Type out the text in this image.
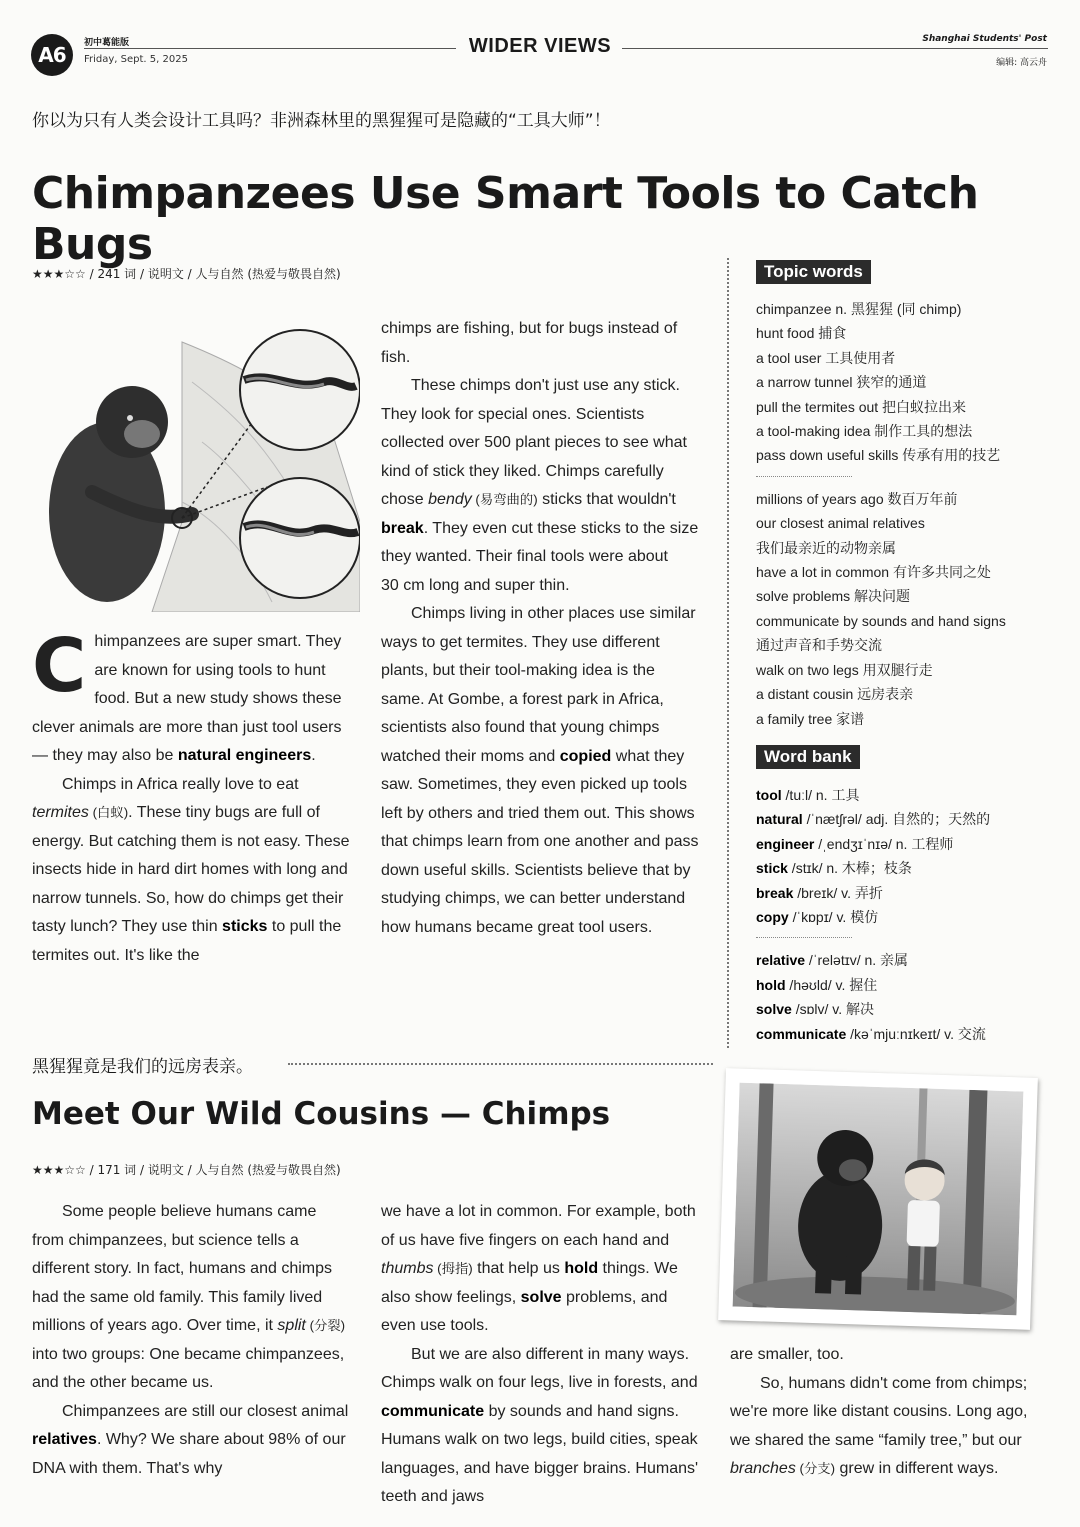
A6	初中葛能版
Friday, Sept. 5, 2025
WIDER VIEWS	Shanghai Students' Post
编辑: 高云舟
你以为只有人类会设计工具吗？非洲森林里的黑猩猩可是隐藏的“工具大师”！
Chimpanzees Use Smart Tools to Catch Bugs
★★★☆☆ / 241 词 / 说明文 / 人与自然 (热爱与敬畏自然)
C himpanzees are super smart. They are known for using tools to hunt food. But a new study shows these clever animals are more than just tool users — they may also be natural engineers.

Chimps in Africa really love to eat termites (白蚁). These tiny bugs are full of energy. But catching them is not easy. These insects hide in hard dirt homes with long and narrow tunnels. So, how do chimps get their tasty lunch? They use thin sticks to pull the termites out. It's like the

chimps are fishing, but for bugs instead of fish.

These chimps don't just use any stick. They look for special ones. Scientists collected over 500 plant pieces to see what kind of stick they liked. Chimps carefully chose bendy (易弯曲的) sticks that wouldn't break. They even cut these sticks to the size they wanted. Their final tools were about

30 cm long and super thin.

Chimps living in other places use similar ways to get termites. They use different plants, but their tool-making idea is the same. At Gombe, a forest park in Africa, scientists also found that young chimps watched their moms and copied what they saw. Sometimes, they even picked up tools left by others and tried them out. This shows that chimps learn from one another and pass down useful skills. Scientists believe that by studying chimps, we can better understand how humans became great tool users.

Topic words
chimpanzee n. 黑猩猩 (同 chimp)
hunt food 捕食
a tool user 工具使用者
a narrow tunnel 狭窄的通道
pull the termites out 把白蚁拉出来
a tool-making idea 制作工具的想法
pass down useful skills 传承有用的技艺
millions of years ago 数百万年前
our closest animal relatives
我们最亲近的动物亲属
have a lot in common 有许多共同之处
solve problems 解决问题
communicate by sounds and hand signs
通过声音和手势交流
walk on two legs 用双腿行走
a distant cousin 远房表亲
a family tree 家谱
Word bank
tool /tuːl/ n. 工具
natural /ˈnætʃrəl/ adj. 自然的；天然的
engineer /ˌendʒɪˈnɪə/ n. 工程师
stick /stɪk/ n. 木棒；枝条
break /breɪk/ v. 弄折
copy /ˈkɒpɪ/ v. 模仿
relative /ˈrelətɪv/ n. 亲属
hold /həʊld/ v. 握住
solve /sɒlv/ v. 解决
communicate /kəˈmjuːnɪkeɪt/ v. 交流
黑猩猩竟是我们的远房表亲。
Meet Our Wild Cousins — Chimps
★★★☆☆ / 171 词 / 说明文 / 人与自然 (热爱与敬畏自然)

Some people believe humans came from chimpanzees, but science tells a different story. In fact, humans and chimps had the same old family. This family lived millions of years ago. Over time, it split (分裂) into two groups: One became chimpanzees, and the other became us.

Chimpanzees are still our closest animal relatives. Why? We share about 98% of our DNA with them. That's why

we have a lot in common. For example, both of us have five fingers on each hand and thumbs (拇指) that help us hold things. We also show feelings, solve problems, and even use tools.

But we are also different in many ways. Chimps walk on four legs, live in forests, and communicate by sounds and hand signs. Humans walk on two legs, build cities, speak languages, and have bigger brains. Humans' teeth and jaws

are smaller, too.

So, humans didn't come from chimps; we're more like distant cousins. Long ago, we shared the same “family tree,” but our branches (分支) grew in different ways.
